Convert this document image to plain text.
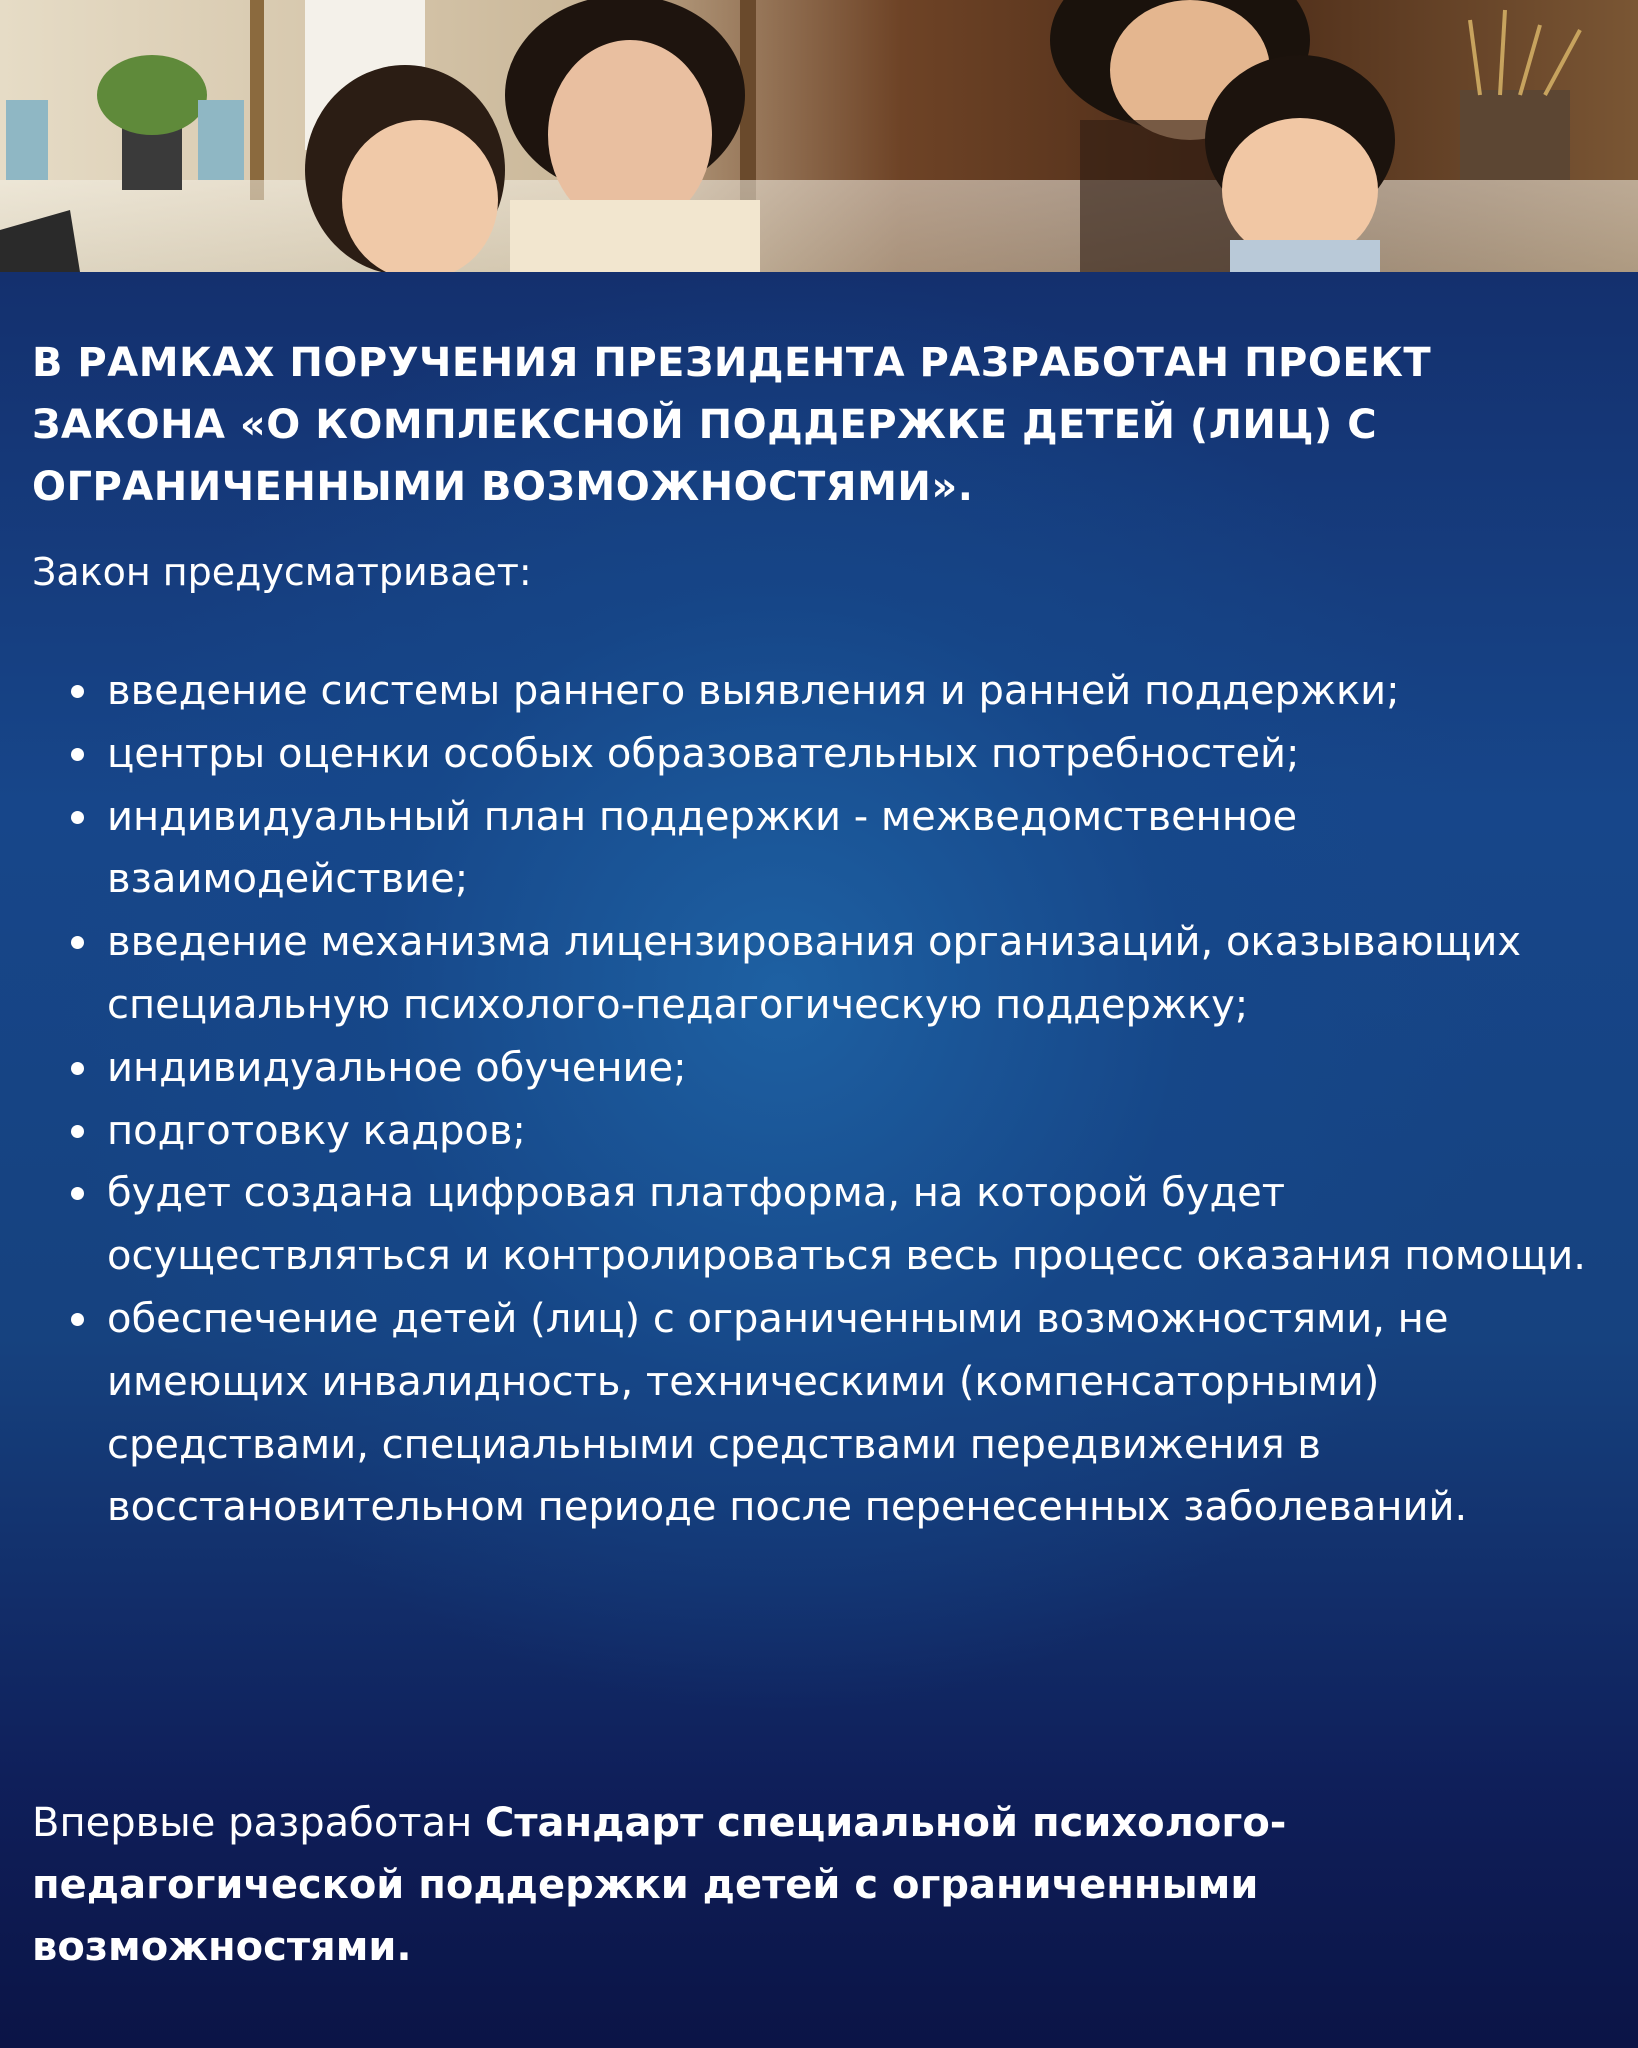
В РАМКАХ ПОРУЧЕНИЯ ПРЕЗИДЕНТА РАЗРАБОТАН ПРОЕКТ ЗАКОНА «О КОМПЛЕКСНОЙ ПОДДЕРЖКЕ ДЕТЕЙ (ЛИЦ) С ОГРАНИЧЕННЫМИ ВОЗМОЖНОСТЯМИ».

Закон предусматривает:

введение системы раннего выявления и ранней поддержки;
центры оценки особых образовательных потребностей;
индивидуальный план поддержки - межведомственное взаимодействие;
введение механизма лицензирования организаций, оказывающих специальную психолого-педагогическую поддержку;
индивидуальное обучение;
подготовку кадров;
будет создана цифровая платформа, на которой будет осуществляться и контролироваться весь процесс оказания помощи.
обеспечение детей (лиц) с ограниченными возможностями, не имеющих инвалидность, техническими (компенсаторными) средствами, специальными средствами передвижения в восстановительном периоде после перенесенных заболеваний.

Впервые разработан Стандарт специальной психолого-педагогической поддержки детей с ограниченными возможностями.
